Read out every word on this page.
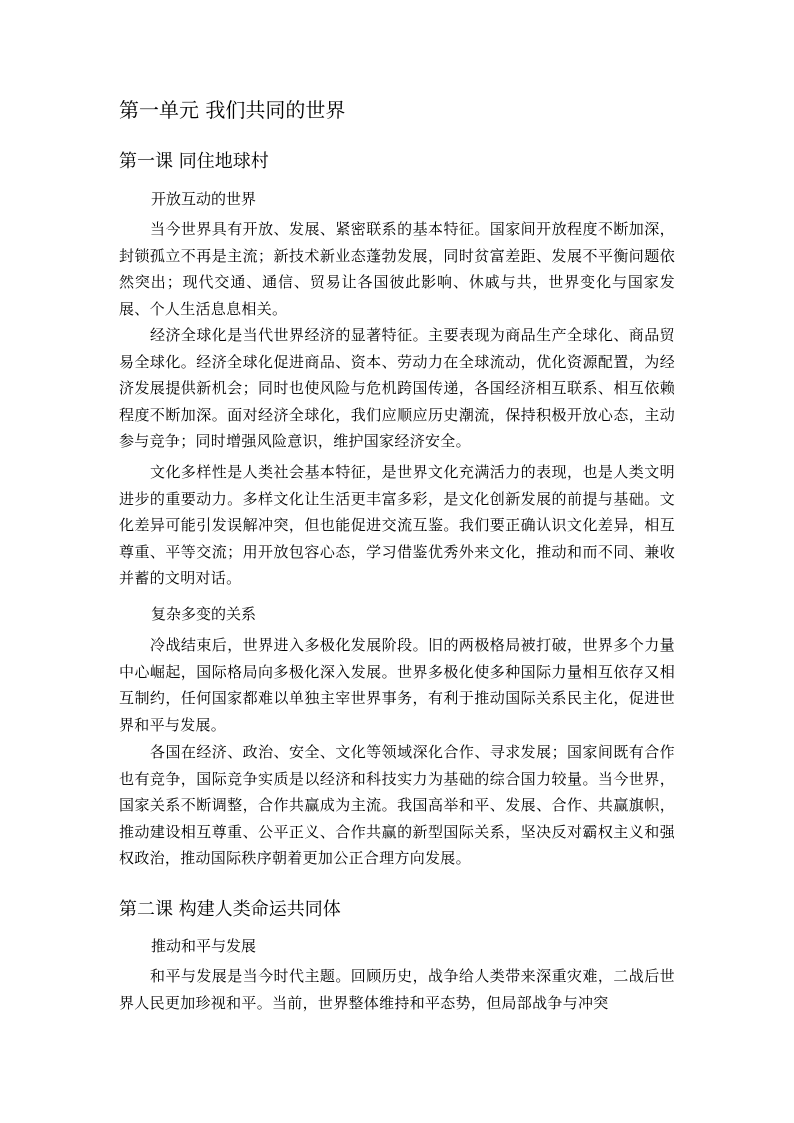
第一单元 我们共同的世界
第一课 同住地球村
开放互动的世界

当今世界具有开放、发展、紧密联系的基本特征。国家间开放程度不断加深，封锁孤立不再是主流；新技术新业态蓬勃发展，同时贫富差距、发展不平衡问题依然突出；现代交通、通信、贸易让各国彼此影响、休戚与共，世界变化与国家发展、个人生活息息相关。

经济全球化是当代世界经济的显著特征。主要表现为商品生产全球化、商品贸易全球化。经济全球化促进商品、资本、劳动力在全球流动，优化资源配置，为经济发展提供新机会；同时也使风险与危机跨国传递，各国经济相互联系、相互依赖程度不断加深。面对经济全球化，我们应顺应历史潮流，保持积极开放心态，主动参与竞争；同时增强风险意识，维护国家经济安全。

文化多样性是人类社会基本特征，是世界文化充满活力的表现，也是人类文明进步的重要动力。多样文化让生活更丰富多彩，是文化创新发展的前提与基础。文化差异可能引发误解冲突，但也能促进交流互鉴。我们要正确认识文化差异，相互尊重、平等交流；用开放包容心态，学习借鉴优秀外来文化，推动和而不同、兼收并蓄的文明对话。

复杂多变的关系

冷战结束后，世界进入多极化发展阶段。旧的两极格局被打破，世界多个力量中心崛起，国际格局向多极化深入发展。世界多极化使多种国际力量相互依存又相互制约，任何国家都难以单独主宰世界事务，有利于推动国际关系民主化，促进世界和平与发展。

各国在经济、政治、安全、文化等领域深化合作、寻求发展；国家间既有合作也有竞争，国际竞争实质是以经济和科技实力为基础的综合国力较量。当今世界，国家关系不断调整，合作共赢成为主流。我国高举和平、发展、合作、共赢旗帜，推动建设相互尊重、公平正义、合作共赢的新型国际关系，坚决反对霸权主义和强权政治，推动国际秩序朝着更加公正合理方向发展。

第二课 构建人类命运共同体
推动和平与发展

和平与发展是当今时代主题。回顾历史，战争给人类带来深重灾难，二战后世界人民更加珍视和平。当前，世界整体维持和平态势，但局部战争与冲突
